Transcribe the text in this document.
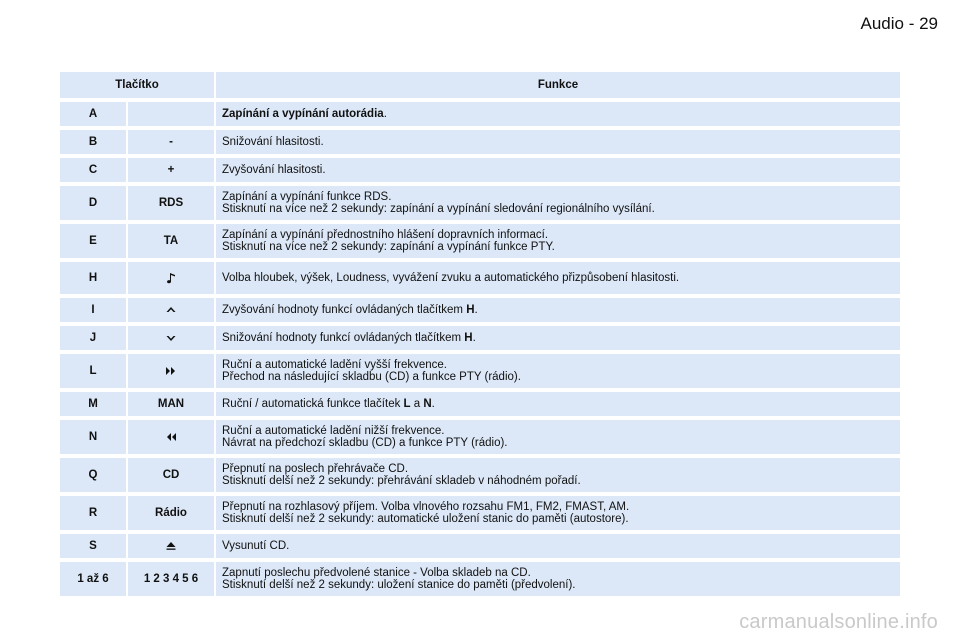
Audio - 29
Tlačítko		Funkce
A		Zapínání a vypínání autorádia.
B	-	Snižování hlasitosti.
C	+	Zvyšování hlasitosti.
D	RDS	Zapínání a vypínání funkce RDS.
Stisknutí na více než 2 sekundy: zapínání a vypínání sledování regionálního vysílání.

E	TA	Zapínání a vypínání přednostního hlášení dopravních informací.
Stisknutí na více než 2 sekundy: zapínání a vypínání funkce PTY.

H		Volba hloubek, výšek, Loudness, vyvážení zvuku a automatického přizpůsobení hlasitosti.
I		Zvyšování hodnoty funkcí ovládaných tlačítkem H.
J		Snižování hodnoty funkcí ovládaných tlačítkem H.
L		Ruční a automatické ladění vyšší frekvence.
Přechod na následující skladbu (CD) a funkce PTY (rádio).

M	MAN	Ruční / automatická funkce tlačítek L a N.
N		Ruční a automatické ladění nižší frekvence.
Návrat na předchozí skladbu (CD) a funkce PTY (rádio).

Q	CD	Přepnutí na poslech přehrávače CD.
Stisknutí delší než 2 sekundy: přehrávání skladeb v náhodném pořadí.

R	Rádio	Přepnutí na rozhlasový příjem. Volba vlnového rozsahu FM1, FM2, FMAST, AM.
Stisknutí delší než 2 sekundy: automatické uložení stanic do paměti (autostore).

S		Vysunutí CD.
1 až 6	1 2 3 4 5 6	Zapnutí poslechu předvolené stanice - Volba skladeb na CD.
Stisknutí delší než 2 sekundy: uložení stanice do paměti (předvolení).
carmanualsonline.info
